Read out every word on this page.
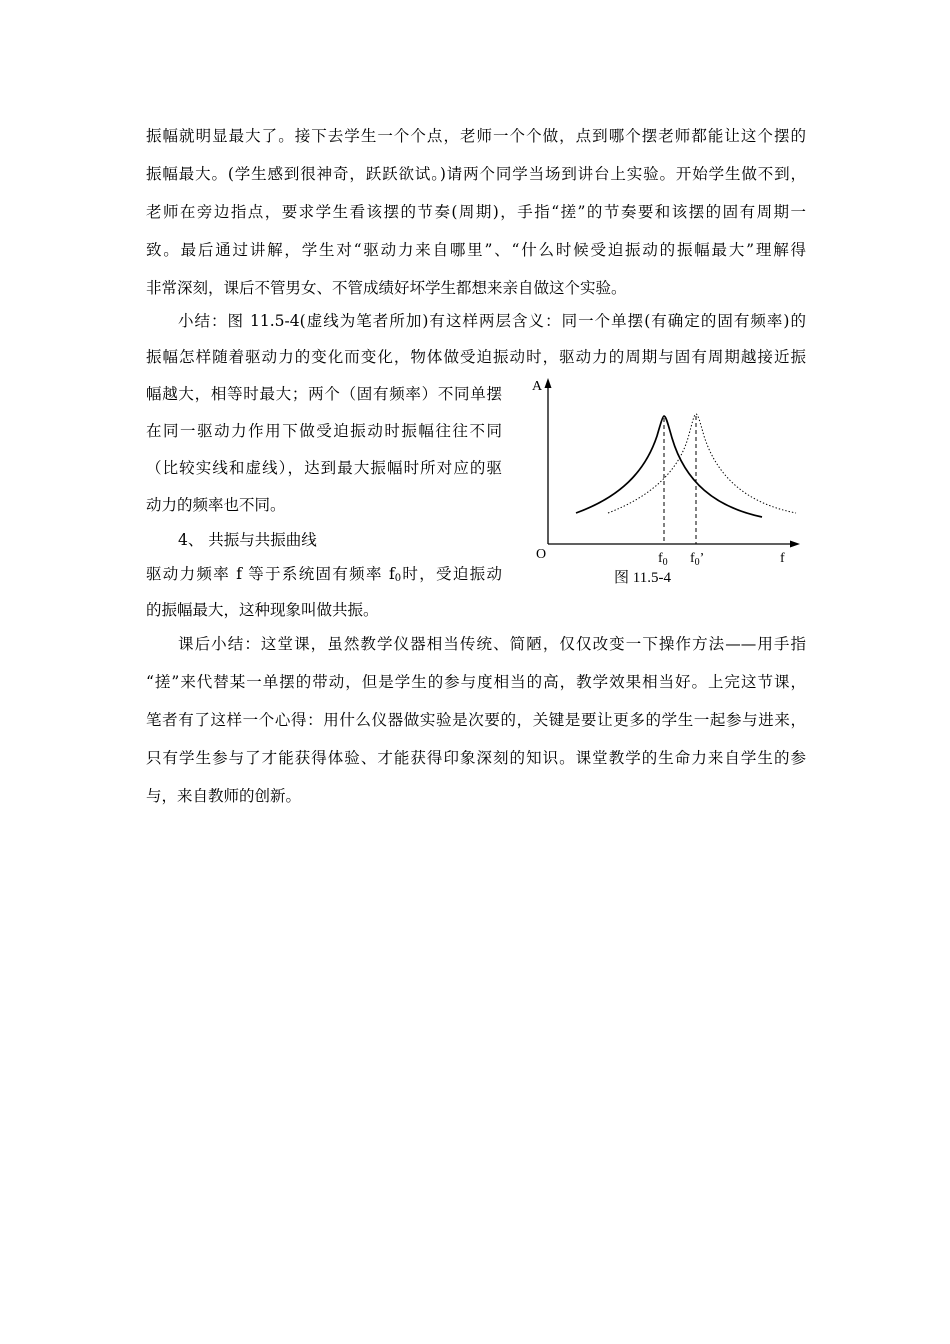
振幅就明显最大了。接下去学生一个个点，老师一个个做，点到哪个摆老师都能让这个摆的
振幅最大。(学生感到很神奇，跃跃欲试。)请两个同学当场到讲台上实验。开始学生做不到，
老师在旁边指点，要求学生看该摆的节奏(周期)，手指“搓”的节奏要和该摆的固有周期一
致。最后通过讲解，学生对“驱动力来自哪里”、“什么时候受迫振动的振幅最大”理解得
非常深刻，课后不管男女、不管成绩好坏学生都想来亲自做这个实验。
小结：图 11.5-4(虚线为笔者所加)有这样两层含义：同一个单摆(有确定的固有频率)的
振幅怎样随着驱动力的变化而变化，物体做受迫振动时，驱动力的周期与固有周期越接近振
幅越大，相等时最大；两个（固有频率）不同单摆
在同一驱动力作用下做受迫振动时振幅往往不同
（比较实线和虚线），达到最大振幅时所对应的驱
动力的频率也不同。
4、 共振与共振曲线
驱动力频率 f 等于系统固有频率 $f_0$时，受迫振动
的振幅最大，这种现象叫做共振。
A
O	f
$f_0$ $f_0$’
图 11.5-4
课后小结：这堂课，虽然教学仪器相当传统、简陋，仅仅改变一下操作方法——用手指
“搓”来代替某一单摆的带动，但是学生的参与度相当的高，教学效果相当好。上完这节课，
笔者有了这样一个心得：用什么仪器做实验是次要的，关键是要让更多的学生一起参与进来，
只有学生参与了才能获得体验、才能获得印象深刻的知识。课堂教学的生命力来自学生的参
与，来自教师的创新。
